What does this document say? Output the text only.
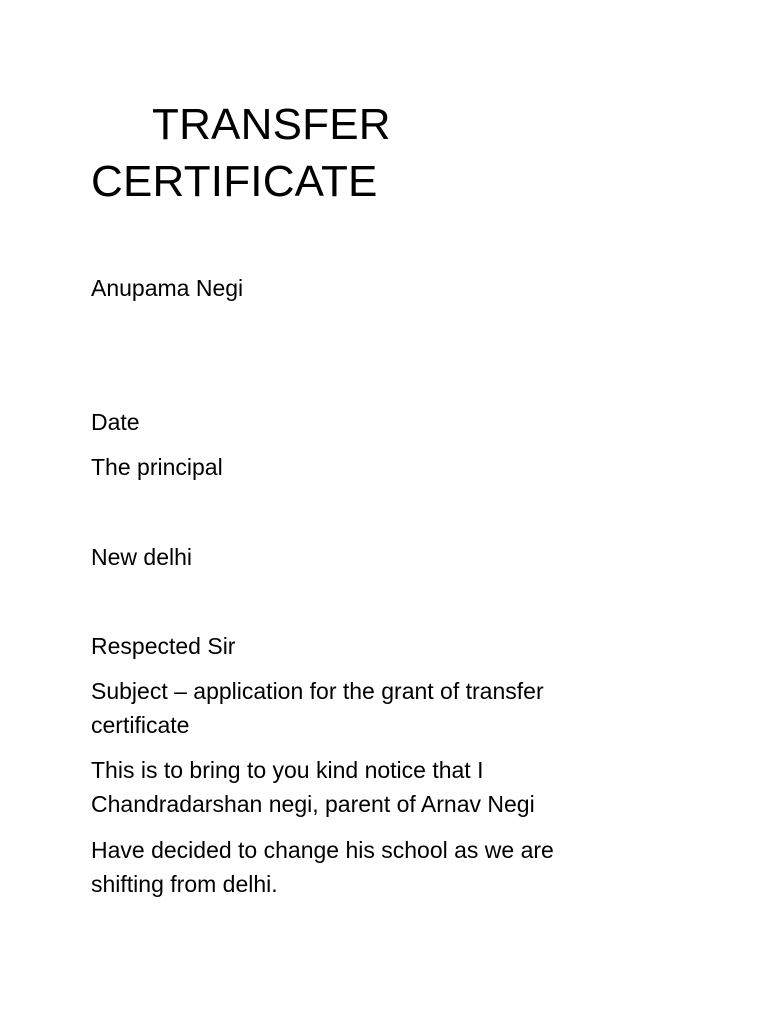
TRANSFER CERTIFICATE

Anupama Negi

Date

The principal

New delhi

Respected Sir

Subject – application for the grant of transfer certificate

This is to bring to you kind notice that I Chandradarshan negi, parent of Arnav Negi

Have decided to change his school as we are shifting from delhi.
